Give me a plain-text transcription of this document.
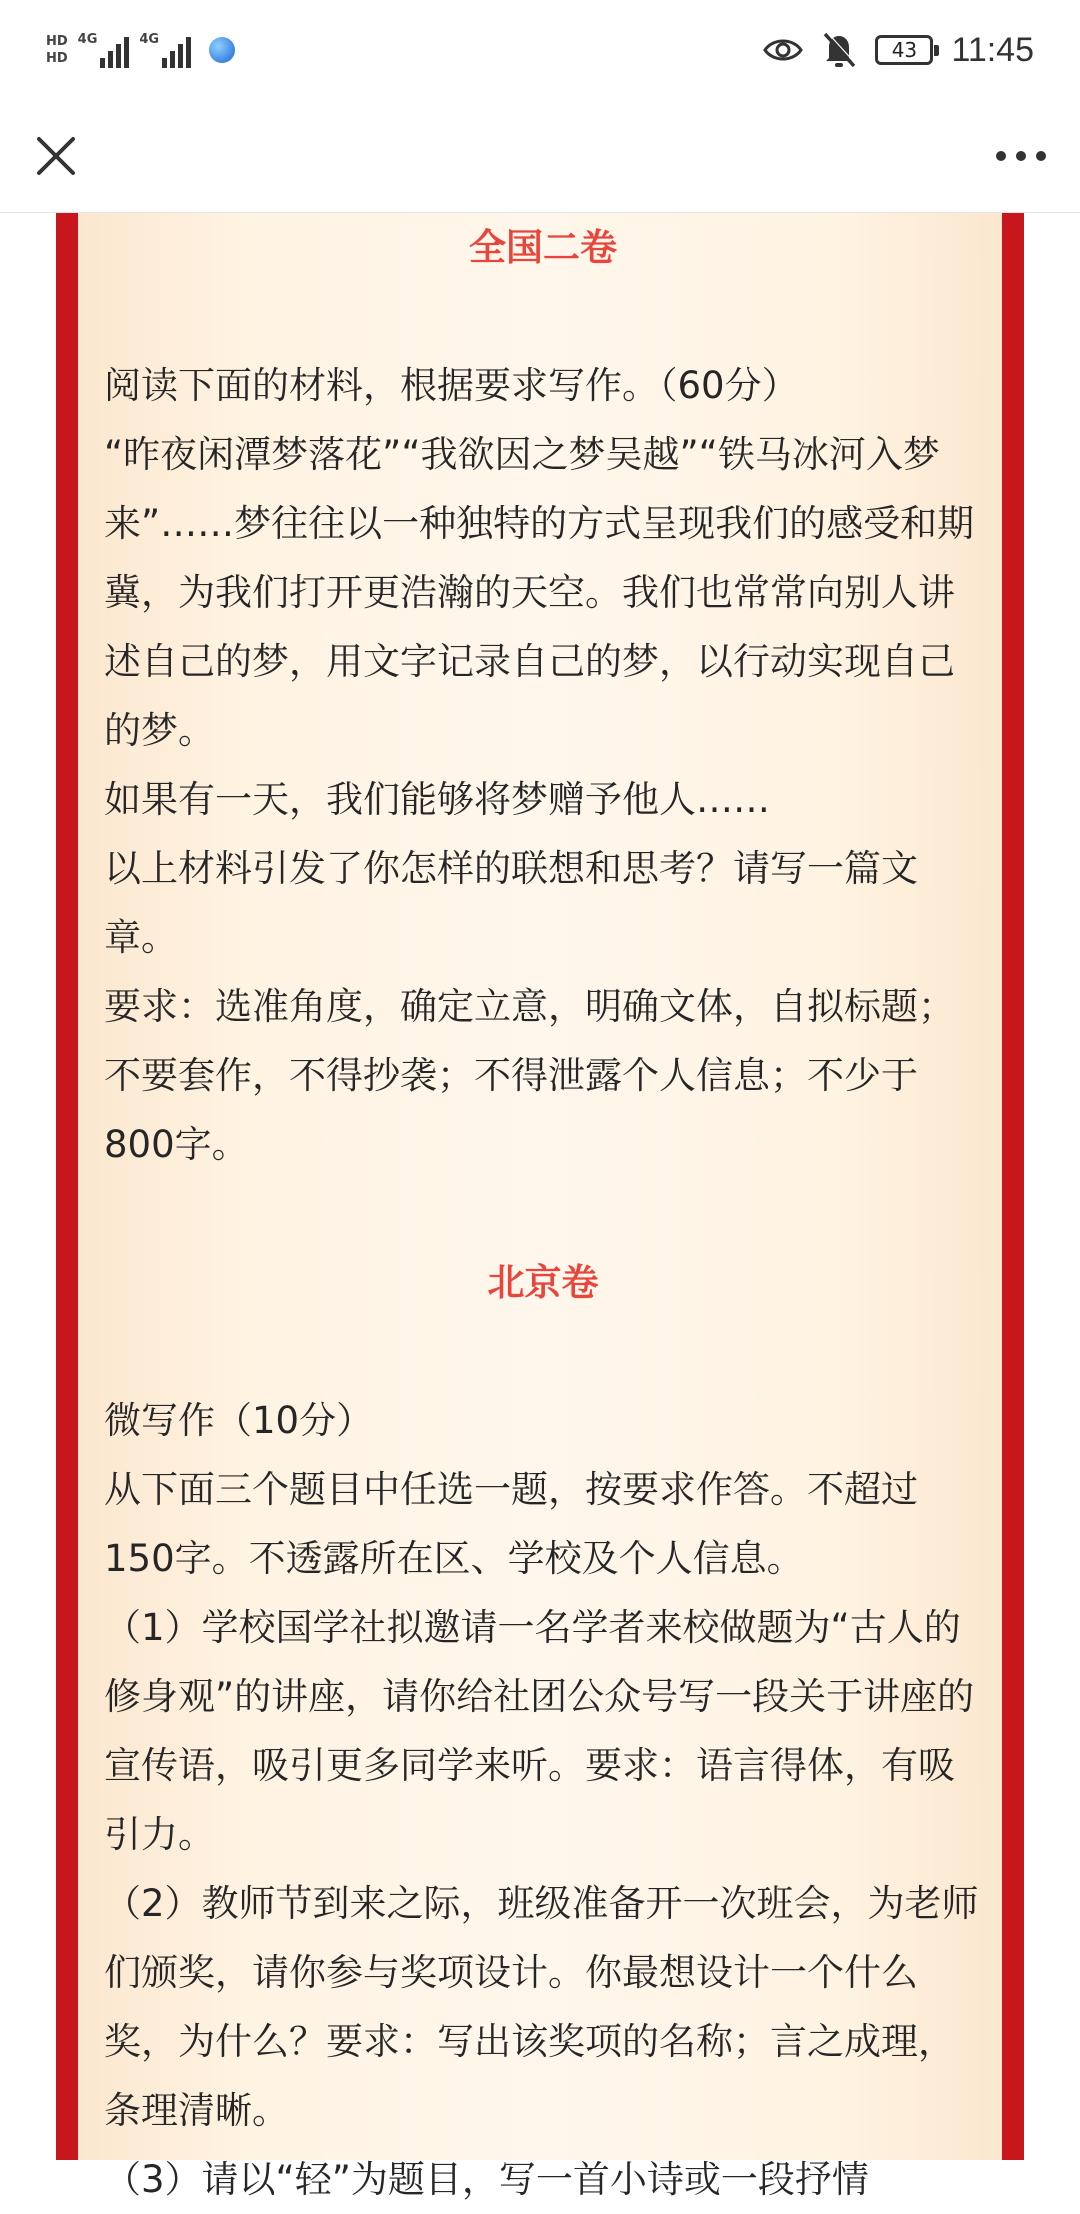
HD
HD
4G	4G	43 11:45

全国二卷

阅读下面的材料，根据要求写作。（60分）

“昨夜闲潭梦落花”“我欲因之梦吴越”“铁马冰河入梦来”……梦往往以一种独特的方式呈现我们的感受和期冀，为我们打开更浩瀚的天空。我们也常常向别人讲述自己的梦，用文字记录自己的梦，以行动实现自己的梦。

如果有一天，我们能够将梦赠予他人……

以上材料引发了你怎样的联想和思考？请写一篇文章。

要求：选准角度，确定立意，明确文体，自拟标题；不要套作，不得抄袭；不得泄露个人信息；不少于800字。

北京卷

微写作（10分）

从下面三个题目中任选一题，按要求作答。不超过150字。不透露所在区、学校及个人信息。

（1）学校国学社拟邀请一名学者来校做题为“古人的修身观”的讲座，请你给社团公众号写一段关于讲座的宣传语，吸引更多同学来听。要求：语言得体，有吸引力。

（2）教师节到来之际，班级准备开一次班会，为老师们颁奖，请你参与奖项设计。你最想设计一个什么奖，为什么？要求：写出该奖项的名称；言之成理，条理清晰。

（3）请以“轻”为题目，写一首小诗或一段抒情
